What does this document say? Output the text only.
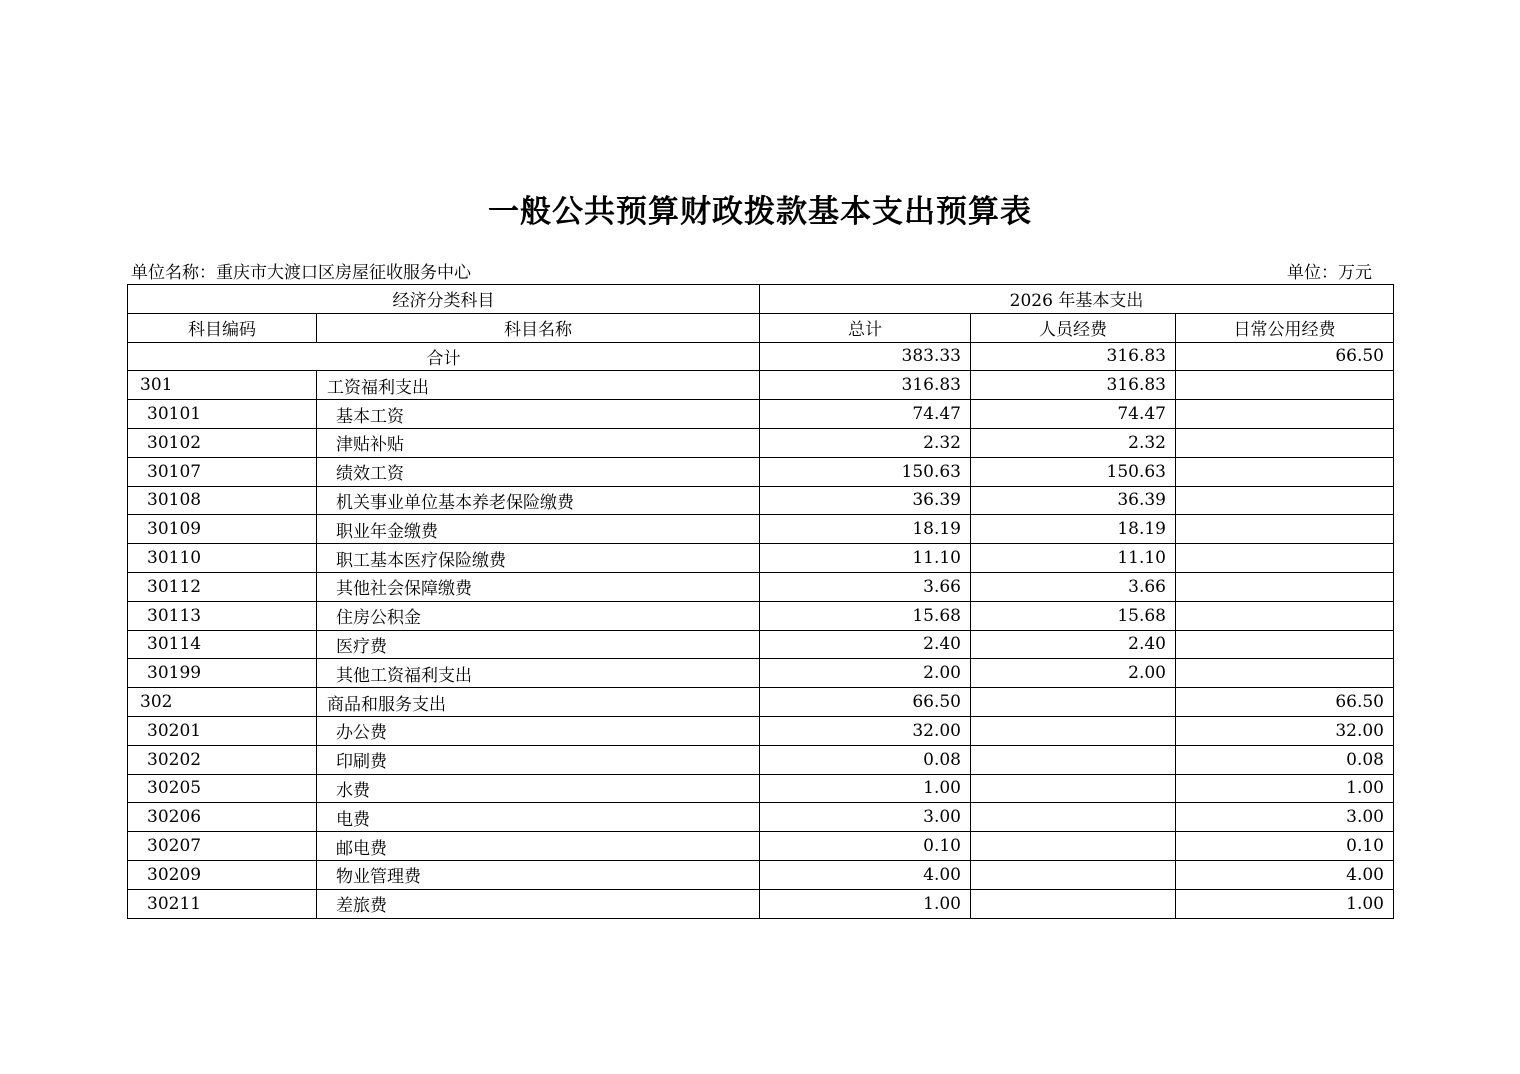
一般公共预算财政拨款基本支出预算表
单位名称：重庆市大渡口区房屋征收服务中心	单位：万元
经济分类科目		2026 年基本支出		
科目编码	科目名称	总计	人员经费	日常公用经费
合计		383.33	316.83	66.50
301	工资福利支出	316.83	316.83	
30101	基本工资	74.47	74.47	
30102	津贴补贴	2.32	2.32	
30107	绩效工资	150.63	150.63	
30108	机关事业单位基本养老保险缴费	36.39	36.39	
30109	职业年金缴费	18.19	18.19	
30110	职工基本医疗保险缴费	11.10	11.10	
30112	其他社会保障缴费	3.66	3.66	
30113	住房公积金	15.68	15.68	
30114	医疗费	2.40	2.40	
30199	其他工资福利支出	2.00	2.00	
302	商品和服务支出	66.50		66.50
30201	办公费	32.00		32.00
30202	印刷费	0.08		0.08
30205	水费	1.00		1.00
30206	电费	3.00		3.00
30207	邮电费	0.10		0.10
30209	物业管理费	4.00		4.00
30211	差旅费	1.00		1.00
